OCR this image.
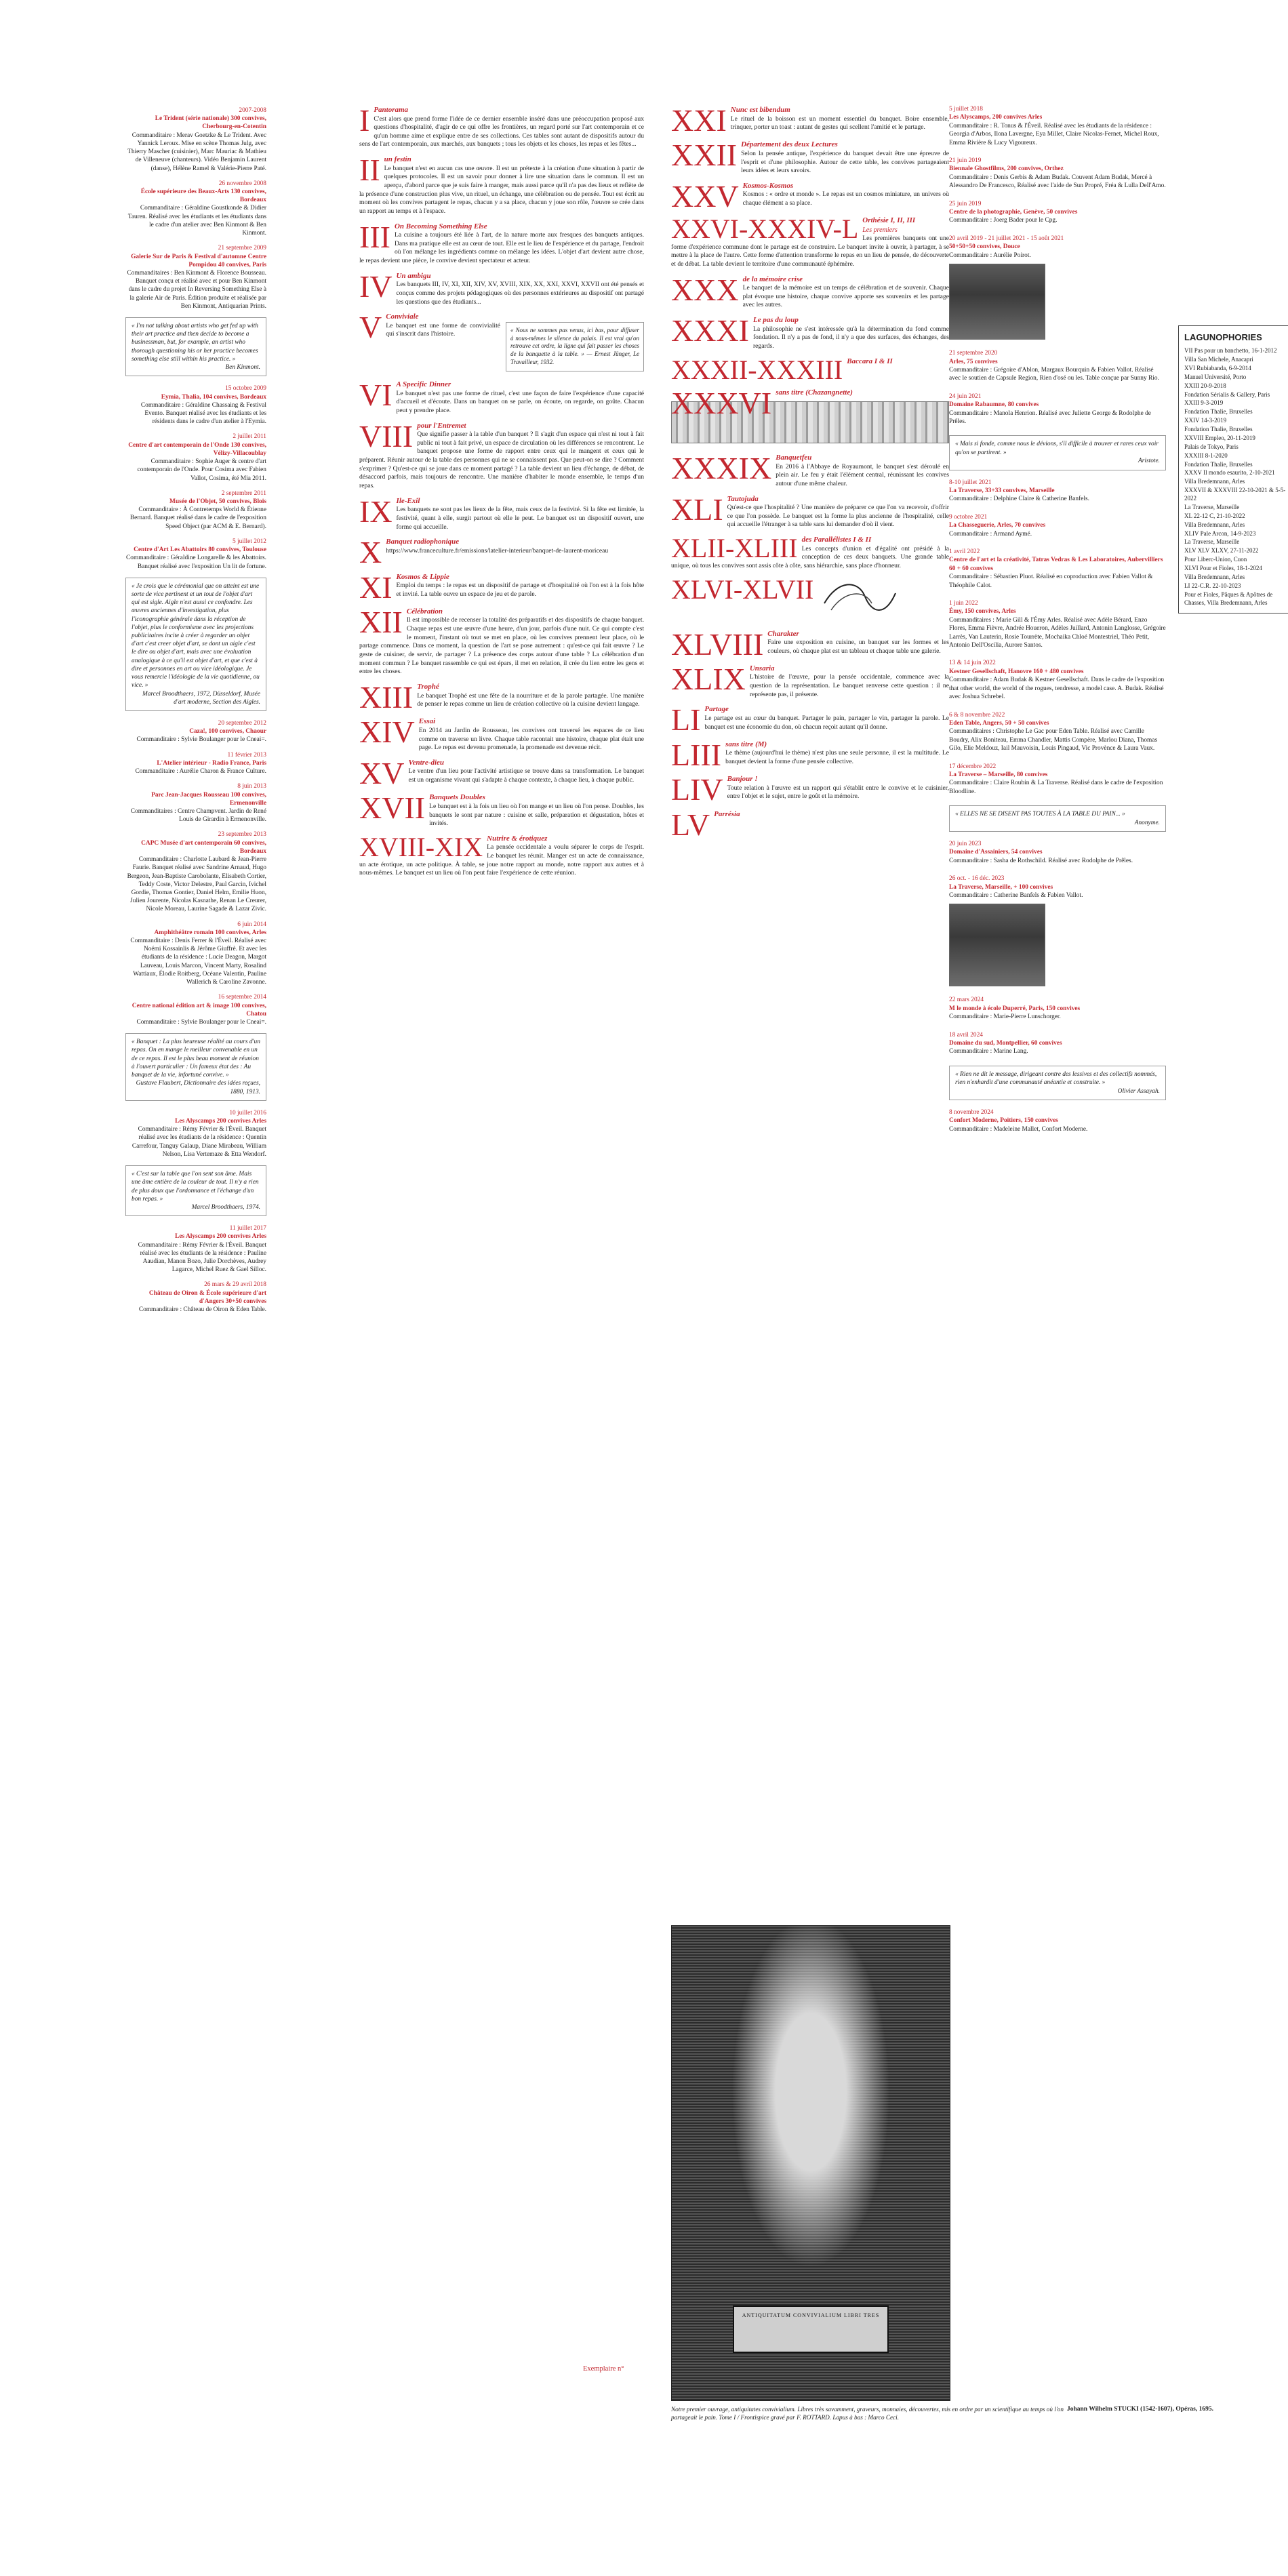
2007-2008
Le Trident (série nationale) 300 convives, Cherbourg-en-Cotentin
Commanditaire : Merav Goetzke & Le Trident. Avec Yannick Leroux. Mise en scène Thomas Julg, avec Thierry Mascher (cuisinier), Marc Mauriac & Mathieu de Villeneuve (chanteurs). Vidéo Benjamin Laurent (danse), Hélène Ramel & Valérie-Pierre Paté.
26 novembre 2008
École supérieure des Beaux-Arts 130 convives, Bordeaux
Commanditaire : Géraldine Goustkonde & Didier Tauren. Réalisé avec les étudiants et les étudiants dans le cadre d'un atelier avec Ben Kinmont & Ben Kinmont.
21 septembre 2009
Galerie Sur de Paris & Festival d'automne Centre Pompidou 40 convives, Paris
Commanditaires : Ben Kinmont & Florence Bousseau. Banquet conçu et réalisé avec et pour Ben Kinmont dans le cadre du projet In Reversing Something Else à la galerie Air de Paris. Édition produite et réalisée par Ben Kinmont, Antiquarian Prints.
« I'm not talking about artists who get fed up with their art practice and then decide to become a businessman, but, for example, an artist who thorough questioning his or her practice becomes something else still within his practice. »
Ben Kinmont.
15 octobre 2009
Eymia, Thalia, 104 convives, Bordeaux
Commanditaire : Géraldine Chassaing & Festival Evento. Banquet réalisé avec les étudiants et les résidents dans le cadre d'un atelier à l'Eymia.
2 juillet 2011
Centre d'art contemporain de l'Onde 130 convives, Vélizy-Villacoublay
Commanditaire : Sophie Auger & centre d'art contemporain de l'Onde. Pour Cosima avec Fabien Vallot, Cosima, été Mia 2011.
2 septembre 2011
Musée de l'Objet, 50 convives, Blois
Commanditaire : À Contretemps World & Étienne Bernard. Banquet réalisé dans le cadre de l'exposition Speed Object (par ACM & E. Bernard).
5 juillet 2012
Centre d'Art Les Abattoirs 80 convives, Toulouse
Commanditaire : Géraldine Longarelle & les Abattoirs. Banquet réalisé avec l'exposition Un lit de fortune.
« Je crois que le cérémonial que on atteint est une sorte de vice pertinent et un tout de l'objet d'art qui est sigle. Aigle n'est aussi ce confondre. Les œuvres anciennes d'investigation, plus l'iconographie générale dans la réception de l'objet, plus le conformisme avec les projections publicitaires incite à créer à regarder un objet d'art c'est creer objet d'art, se dont un aigle c'est le dire ou objet d'art, mais avec une évaluation analogique à ce qu'il est objet d'art, et que c'est à dire et personnes en art ou vice idéologique. Je vous remercie l'idéologie de la vie quotidienne, ou vice. »
Marcel Broodthaers, 1972, Düsseldorf, Musée d'art moderne, Section des Aigles.
20 septembre 2012
Caza!, 100 convives, Chaour
Commanditaire : Sylvie Boulanger pour le Cneai=.
11 février 2013
L'Atelier intérieur - Radio France, Paris
Commanditaire : Aurélie Charon & France Culture.
8 juin 2013
Parc Jean-Jacques Rousseau 100 convives, Ermenonville
Commanditaires : Centre Champvent. Jardin de René Louis de Girardin à Ermenonville.
23 septembre 2013
CAPC Musée d'art contemporain 60 convives, Bordeaux
Commanditaire : Charlotte Laubard & Jean-Pierre Faurie. Banquet réalisé avec Sandrine Arnaud, Hugo Bergeon, Jean-Baptiste Carobolante, Elisabeth Cortier, Teddy Coste, Victor Delestre, Paul Garcin, Ivichel Gordie, Thomas Gontier, Daniel Helm, Emilie Huon, Julien Jourente, Nicolas Kasnathe, Renan Le Creurer, Nicole Moreau, Laurine Sagade & Lazar Zivic.
6 juin 2014
Amphithéâtre romain 100 convives, Arles
Commanditaire : Denis Ferrer & l'Éveil. Réalisé avec Noémi Kossainlis & Jérôme Giuffrè. Et avec les étudiants de la résidence : Lucie Deagon, Margot Lauveau, Louis Marcon, Vincent Marty, Rosalind Wattiaux, Élodie Roitberg, Océane Valentin, Pauline Wallerich & Caroline Zavonne.
16 septembre 2014
Centre national édition art & image 100 convives, Chatou
Commanditaire : Sylvie Boulanger pour le Cneai=.
« Banquet : La plus heureuse réalité au cours d'un repas. On en mange le meilleur convenable en un de ce repas. Il est le plus beau moment de réunion à l'ouvert particulier : Un fameux état des : Au banquet de la vie, infortuné convive. »
Gustave Flaubert, Dictionnaire des idées reçues, 1880, 1913.
10 juillet 2016
Les Alyscamps 200 convives Arles
Commanditaire : Rémy Février & l'Éveil. Banquet réalisé avec les étudiants de la résidence : Quentin Carrefour, Tanguy Galaup, Diane Mirabeau, William Nelson, Lisa Vertemaze & Etta Wendorf.
« C'est sur la table que l'on sent son âme. Mais une âme entière de la couleur de tout. Il n'y a rien de plus doux que l'ordonnance et l'échange d'un bon repas. »
Marcel Broodthaers, 1974.
11 juillet 2017
Les Alyscamps 200 convives Arles
Commanditaire : Rémy Février & l'Éveil. Banquet réalisé avec les étudiants de la résidence : Pauline Aaudian, Manon Bozo, Julie Dorchèves, Audrey Lagarce, Michel Ruez & Gael Silloc.
26 mars & 29 avril 2018
Château de Oiron & École supérieure d'art d'Angers 30+50 convives
Commanditaire : Château de Oiron & Eden Table.
I Pantorama
C'est alors que prend forme l'idée de ce dernier ensemble inséré dans une préoccupation proposé aux questions d'hospitalité, d'agir de ce qui offre les frontières, un regard porté sur l'art contemporain et ce qu'un homme aime et explique entre de ses collections. Ces tables sont autant de dispositifs autour du sens de l'art contemporain, aux marchés, aux banquets ; tous les objets et les choses, les repas et les fêtes...
II un festin
Le banquet n'est en aucun cas une œuvre. Il est un prétexte à la création d'une situation à partir de quelques protocoles. Il est un savoir pour donner à lire une situation dans le commun. Il est un aperçu, d'abord parce que je suis faire à manger, mais aussi parce qu'il n'a pas des lieux et reflète de la présence d'une construction plus vive, un rituel, un échange, une célébration ou de pensée. Tout est écrit au moment où les convives partagent le repas, chacun y a sa place, chacun y joue son rôle, l'œuvre se crée dans un rapport au temps et à l'espace.
III On Becoming Something Else
La cuisine a toujours été liée à l'art, de la nature morte aux fresques des banquets antiques. Dans ma pratique elle est au cœur de tout. Elle est le lieu de l'expérience et du partage, l'endroit où l'on mélange les ingrédients comme on mélange les idées. L'objet d'art devient autre chose, le repas devient une pièce, le convive devient spectateur et acteur.
IV Un ambigu
Les banquets III, IV, XI, XII, XIV, XV, XVIII, XIX, XX, XXI, XXVI, XXVII ont été pensés et conçus comme des projets pédagogiques où des personnes extérieures au dispositif ont partagé les questions que des étudiants...
V Conviviale
« Nous ne sommes pas venus, ici bas, pour diffuser à nous-mêmes le silence du palais. Il est vrai qu'on retrouve cet ordre, la ligne qui fait passer les choses de la banquette à la table. » — Ernest Jünger, Le Travailleur, 1932.
Le banquet est une forme de convivialité qui s'inscrit dans l'histoire.
VI A Specific Dinner
Le banquet n'est pas une forme de rituel, c'est une façon de faire l'expérience d'une capacité d'accueil et d'écoute. Dans un banquet on se parle, on écoute, on regarde, on goûte. Chacun peut y prendre place.
VIII pour l'Entremet
Que signifie passer à la table d'un banquet ? Il s'agit d'un espace qui n'est ni tout à fait public ni tout à fait privé, un espace de circulation où les différences se rencontrent. Le banquet propose une forme de rapport entre ceux qui le mangent et ceux qui le préparent. Réunir autour de la table des personnes qui ne se connaissent pas. Que peut-on se dire ? Comment s'exprimer ? Qu'est-ce qui se joue dans ce moment partagé ? La table devient un lieu d'échange, de débat, de désaccord parfois, mais toujours de rencontre. Une manière d'habiter le monde ensemble, le temps d'un repas.
IX Ile-Exil
Les banquets ne sont pas les lieux de la fête, mais ceux de la festivité. Si la fête est limitée, la festivité, quant à elle, surgit partout où elle le peut. Le banquet est un dispositif ouvert, une forme qui accueille.
X Banquet radiophonique
https://www.franceculture.fr/emissions/latelier-interieur/banquet-de-laurent-moriceau
XI Kosmos & Lippie
Emploi du temps : le repas est un dispositif de partage et d'hospitalité où l'on est à la fois hôte et invité. La table ouvre un espace de jeu et de parole.
XII Célébration
Il est impossible de recenser la totalité des préparatifs et des dispositifs de chaque banquet. Chaque repas est une œuvre d'une heure, d'un jour, parfois d'une nuit. Ce qui compte c'est le moment, l'instant où tout se met en place, où les convives prennent leur place, où le partage commence. Dans ce moment, la question de l'art se pose autrement : qu'est-ce qui fait œuvre ? Le geste de cuisiner, de servir, de partager ? La présence des corps autour d'une table ? La célébration d'un moment commun ? Le banquet rassemble ce qui est épars, il met en relation, il crée du lien entre les gens et entre les choses.
XIII Trophé
Le banquet Trophé est une fête de la nourriture et de la parole partagée. Une manière de penser le repas comme un lieu de création collective où la cuisine devient langage.
XIV Essai
En 2014 au Jardin de Rousseau, les convives ont traversé les espaces de ce lieu comme on traverse un livre. Chaque table racontait une histoire, chaque plat était une page. Le repas est devenu promenade, la promenade est devenue récit.
XV Ventre-dieu
Le ventre d'un lieu pour l'activité artistique se trouve dans sa transformation. Le banquet est un organisme vivant qui s'adapte à chaque contexte, à chaque lieu, à chaque public.
XVII Banquets Doubles
Le banquet est à la fois un lieu où l'on mange et un lieu où l'on pense. Doubles, les banquets le sont par nature : cuisine et salle, préparation et dégustation, hôtes et invités.
XVIII-XIX Nutrire & érotiquez
La pensée occidentale a voulu séparer le corps de l'esprit. Le banquet les réunit. Manger est un acte de connaissance, un acte érotique, un acte politique. À table, se joue notre rapport au monde, notre rapport aux autres et à nous-mêmes. Le banquet est un lieu où l'on peut faire l'expérience de cette réunion.
XXI Nunc est bibendum
Le rituel de la boisson est un moment essentiel du banquet. Boire ensemble, trinquer, porter un toast : autant de gestes qui scellent l'amitié et le partage.
XXII Département des deux Lectures
Selon la pensée antique, l'expérience du banquet devait être une épreuve de l'esprit et d'une philosophie. Autour de cette table, les convives partageaient leurs idées et leurs savoirs.
XXV Kosmos-Kosmos
Kosmos : « ordre et monde ». Le repas est un cosmos miniature, un univers où chaque élément a sa place.
XXVI-XXXIV-L Orthésie I, II, III
Les premiers
Les premières banquets ont une forme d'expérience commune dont le partage est de construire. Le banquet invite à ouvrir, à partager, à se mettre à la place de l'autre. Cette forme d'attention transforme le repas en un lieu de pensée, de découverte et de débat. La table devient le territoire d'une communauté éphémère.
XXX de la mémoire crise
Le banquet de la mémoire est un temps de célébration et de souvenir. Chaque plat évoque une histoire, chaque convive apporte ses souvenirs et les partage avec les autres.
XXXI Le pas du loup
La philosophie ne s'est intéressée qu'à la détermination du fond comme fondation. Il n'y a pas de fond, il n'y a que des surfaces, des échanges, des regards.
XXXII-XXXIII Baccara I & II
XXXVI sans titre (Chazangnette)
XXXIX Banquetfeu
En 2016 à l'Abbaye de Royaumont, le banquet s'est déroulé en plein air. Le feu y était l'élément central, réunissant les convives autour d'une même chaleur.
XLI Tautojuda
Qu'est-ce que l'hospitalité ? Une manière de préparer ce que l'on va recevoir, d'offrir ce que l'on possède. Le banquet est la forme la plus ancienne de l'hospitalité, celle qui accueille l'étranger à sa table sans lui demander d'où il vient.
XLII-XLIII des Parallélistes I & II
Les concepts d'union et d'égalité ont présidé à la conception de ces deux banquets. Une grande table unique, où tous les convives sont assis côte à côte, sans hiérarchie, sans place d'honneur.
XLVI-XLVII
XLVIII Charakter
Faire une exposition en cuisine, un banquet sur les formes et les couleurs, où chaque plat est un tableau et chaque table une galerie.
XLIX Unsaria
L'histoire de l'œuvre, pour la pensée occidentale, commence avec la question de la représentation. Le banquet renverse cette question : il ne représente pas, il présente.
LI Partage
Le partage est au cœur du banquet. Partager le pain, partager le vin, partager la parole. Le banquet est une économie du don, où chacun reçoit autant qu'il donne.
LIII sans titre (M)
Le thème (aujourd'hui le thème) n'est plus une seule personne, il est la multitude. Le banquet devient la forme d'une pensée collective.
LIV Banjour !
Toute relation à l'œuvre est un rapport qui s'établit entre le convive et le cuisinier, entre l'objet et le sujet, entre le goût et la mémoire.
LV Parrésia
5 juillet 2018
Les Alyscamps, 200 convives Arles
Commanditaire : R. Tonus & l'Éveil. Réalisé avec les étudiants de la résidence : Georgia d'Arbos, Ilona Lavergne, Eya Millet, Claire Nicolas-Fernet, Michel Roux, Emma Rivière & Lucy Vigoureux.
21 juin 2019
Biennale Ghostfilms, 200 convives, Orthez
Commanditaire : Denis Gerbis & Adam Budak. Couvent Adam Budak, Mercé à Alessandro De Francesco, Réalisé avec l'aide de Sun Propré, Fréa & Lulla Dell'Amo.
25 juin 2019
Centre de la photographie, Genève, 50 convives
Commanditaire : Joerg Bader pour le Cpg.
20 avril 2019 - 21 juillet 2021 - 15 août 2021
50+50+50 convives, Douce
Commanditaire : Aurélie Poirot.
21 septembre 2020
Arles, 75 convives
Commanditaire : Grégoire d'Ablon, Margaux Bourquin & Fabien Vallot. Réalisé avec le soutien de Capsule Region, Rien d'osé ou les. Table conçue par Sunny Rio.
24 juin 2021
Domaine Rabaumne, 80 convives
Commanditaire : Manola Henrion. Réalisé avec Juliette George & Rodolphe de Prêles.
« Mais si fonde, comme nous le dévions, s'il difficile à trouver et rares ceux voir qu'on se partirent. »
Aristote.
8-10 juillet 2021
La Traverse, 33+33 convives, Marseille
Commanditaire : Delphine Claire & Catherine Banfels.
9 octobre 2021
La Chasseguerie, Arles, 70 convives
Commanditaire : Armand Aymé.
1 avril 2022
Centre de l'art et la créativité, Tatras Vedras & Les Laboratoires, Aubervilliers 60 + 60 convives
Commanditaire : Sébastien Pluot. Réalisé en coproduction avec Fabien Vallot & Théophile Calot.
1 juin 2022
Émy, 150 convives, Arles
Commanditaires : Marie Gill & l'Émy Arles. Réalisé avec Adèle Bérard, Enzo Flores, Emma Fièvre, Andrée Houeron, Adèles Juillard, Antonin Langlosse, Grégoire Larrès, Van Lauterin, Rosie Tourrète, Mochaika Chloé Montestriel, Théo Petit, Antonio Dell'Oscilia, Aurore Santos.
13 & 14 juin 2022
Kestner Gesellschaft, Hanovre 160 + 480 convives
Commanditaire : Adam Budak & Kestner Gesellschaft. Dans le cadre de l'exposition that other world, the world of the rogues, tendresse, a model case. A. Budak. Réalisé avec Joshua Schrebel.
6 & 8 novembre 2022
Eden Table, Angers, 50 + 50 convives
Commanditaires : Christophe Le Gac pour Eden Table. Réalisé avec Camille Boudry, Alix Boniteau, Emma Chandler, Mattis Compère, Marlou Diana, Thomas Gilo, Elie Meldouz, Iail Mauvoisin, Louis Pingaud, Vic Provènce & Laura Vaux.
17 décembre 2022
La Traverse – Marseille, 80 convives
Commanditaire : Claire Roubin & La Traverse. Réalisé dans le cadre de l'exposition Bloodline.
« ELLES NE SE DISENT PAS TOUTES À LA TABLE DU PAIN... »
Anonyme.
20 juin 2023
Domaine d'Assainiers, 54 convives
Commanditaire : Sasha de Rothschild. Réalisé avec Rodolphe de Prêles.
26 oct. - 16 déc. 2023
La Traverse, Marseille, + 100 convives
Commanditaire : Catherine Banfels & Fabien Vallot.
22 mars 2024
M le monde à école Duperré, Paris, 150 convives
Commanditaire : Marie-Pierre Lunschorger.
18 avril 2024
Domaine du sud, Montpellier, 60 convives
Commanditaire : Marine Lang.
« Rien ne dit le message, dirigeant contre des lessives et des collectifs nommés, rien n'enhardit d'une communauté anéantie et construite. »
Olivier Assayah.
8 novembre 2024
Confort Moderne, Poitiers, 150 convives
Commanditaire : Madeleine Mallet, Confort Moderne.
LAGUNOPHORIES
VII Pas pour un banchetto, 16-1-2012
Villa San Michele, Anacapri
XVI Rubiabanda, 6-9-2014
Manuel Université, Porto
XXIII 20-9-2018
Fondation Sérialis & Gallery, Paris
XXIII 9-3-2019
Fondation Thalie, Bruxelles
XXIV 14-3-2019
Fondation Thalie, Bruxelles
XXVIII Empleo, 20-11-2019
Palais de Tokyo, Paris
XXXIII 8-1-2020
Fondation Thalie, Bruxelles
XXXV Il mondo esaurito, 2-10-2021
Villa Bredemnann, Arles
XXXVII & XXXVIII 22-10-2021 & 5-5-2022
La Traverse, Marseille
XL 22-12 C, 21-10-2022
Villa Bredemnann, Arles
XLIV Pale Arcon, 14-9-2023
La Traverse, Marseille
XLV XLV XLXV, 27-11-2022
Pour Liberc-Union, Cuon
XLVI Pour et Fioles, 18-1-2024
Villa Bredemnann, Arles
LI 22-C.R. 22-10-2023
Pour et Fioles, Pâques & Apôtres de Chasses, Villa Bredemnann, Arles
ANTIQUITATUM CONVIVIALIUM LIBRI TRES
Johann Wilhelm STUCKI (1542-1607), Opéras, 1695.
Notre premier ouvrage, antiquitates convivialium. Libres très savamment, graveurs, monnaies, découvertes, mis en ordre par un scientifique au temps où l'on partageait le pain. Tome I / Frontispice gravé par F. ROTTARD. Lapus à bas : Marco Ceci.
Exemplaire n°
